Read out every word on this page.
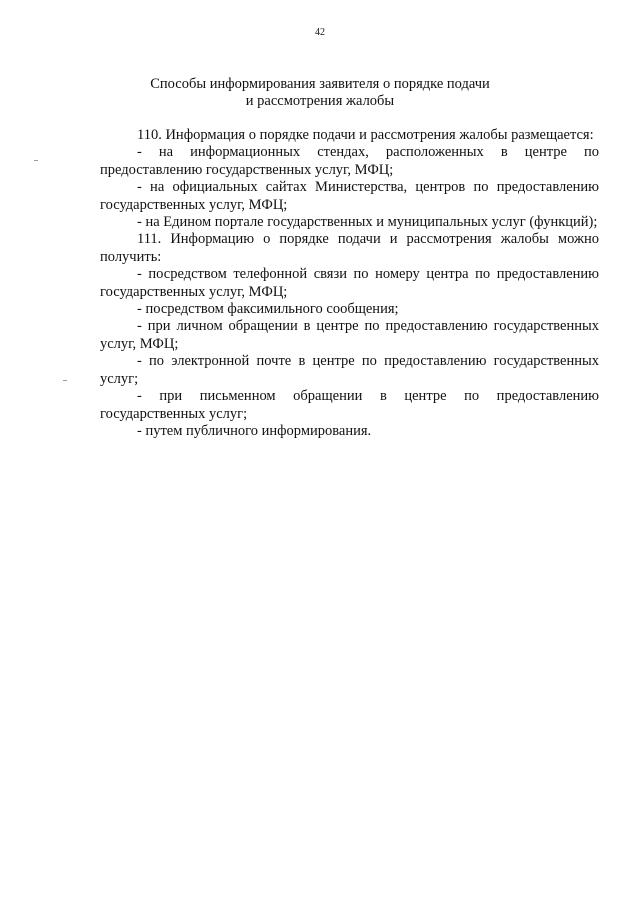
42
Способы информирования заявителя о порядке подачи
и рассмотрения жалобы

110. Информация о порядке подачи и рассмотрения жалобы размещается:

- на информационных стендах, расположенных в центре по предоставлению государственных услуг, МФЦ;

- на официальных сайтах Министерства, центров по предоставлению государственных услуг, МФЦ;

- на Едином портале государственных и муниципальных услуг (функций);

111. Информацию о порядке подачи и рассмотрения жалобы можно получить:

- посредством телефонной связи по номеру центра по предоставлению государственных услуг, МФЦ;

- посредством факсимильного сообщения;

- при личном обращении в центре по предоставлению государственных услуг, МФЦ;

- по электронной почте в центре по предоставлению государственных услуг;

- при письменном обращении в центре по предоставлению государственных услуг;

- путем публичного информирования.
